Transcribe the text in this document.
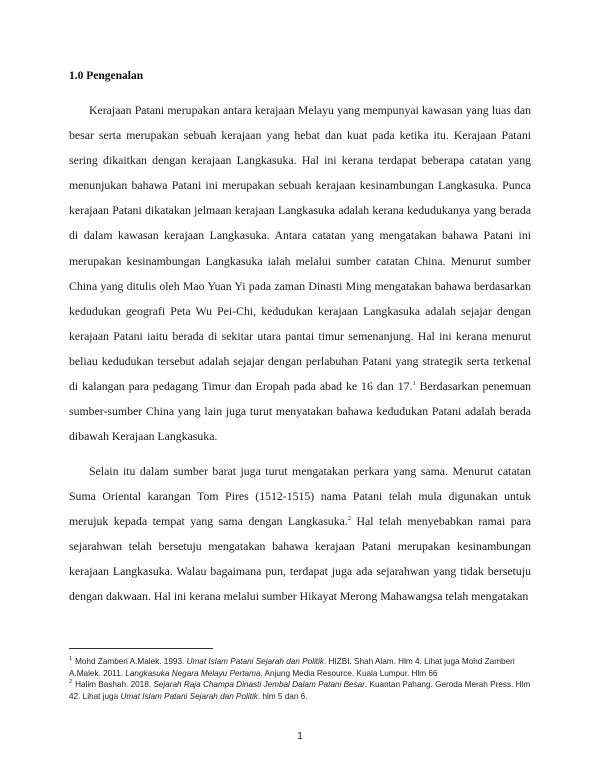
1.0 Pengenalan

Kerajaan Patani merupakan antara kerajaan Melayu yang mempunyai kawasan yang luas dan besar serta merupakan sebuah kerajaan yang hebat dan kuat pada ketika itu. Kerajaan Patani sering dikaitkan dengan kerajaan Langkasuka. Hal ini kerana terdapat beberapa catatan yang menunjukan bahawa Patani ini merupakan sebuah kerajaan kesinambungan Langkasuka. Punca kerajaan Patani dikatakan jelmaan kerajaan Langkasuka adalah kerana kedudukanya yang berada di dalam kawasan kerajaan Langkasuka. Antara catatan yang mengatakan bahawa Patani ini merupakan kesinambungan Langkasuka ialah melalui sumber catatan China. Menurut sumber China yang ditulis oleh Mao Yuan Yi pada zaman Dinasti Ming mengatakan bahawa berdasarkan kedudukan geografi Peta Wu Pei-Chi, kedudukan kerajaan Langkasuka adalah sejajar dengan kerajaan Patani iaitu berada di sekitar utara pantai timur semenanjung. Hal ini kerana menurut beliau kedudukan tersebut adalah sejajar dengan perlabuhan Patani yang strategik serta terkenal di kalangan para pedagang Timur dan Eropah pada abad ke 16 dan 17.$^1$ Berdasarkan penemuan sumber-sumber China yang lain juga turut menyatakan bahawa kedudukan Patani adalah berada dibawah Kerajaan Langkasuka.

Selain itu dalam sumber barat juga turut mengatakan perkara yang sama. Menurut catatan Suma Oriental karangan Tom Pires (1512-1515) nama Patani telah mula digunakan untuk merujuk kepada tempat yang sama dengan Langkasuka.$^2$ Hal telah menyebabkan ramai para sejarahwan telah bersetuju mengatakan bahawa kerajaan Patani merupakan kesinambungan kerajaan Langkasuka. Walau bagaimana pun, terdapat juga ada sejarahwan yang tidak bersetuju dengan dakwaan. Hal ini kerana melalui sumber Hikayat Merong Mahawangsa telah mengatakan

$^1$ Mohd Zamberi A.Malek. 1993. Umat Islam Patani Sejarah dan Politik. HIZBI. Shah Alam. Hlm 4. Lihat juga Mohd Zamberi A.Malek. 2011. Langkasuka Negara Melayu Pertama. Anjung Media Resource. Kuala Lumpur. Hlm 66

$^2$ Halim Bashah. 2018. Sejarah Raja Champa Dinasti Jembal Dalam Patani Besar. Kuantan Pahang. Geroda Merah Press. Hlm 42. Lihat juga Umat Islam Patani Sejarah dan Politik. hlm 5 dan 6.

1
